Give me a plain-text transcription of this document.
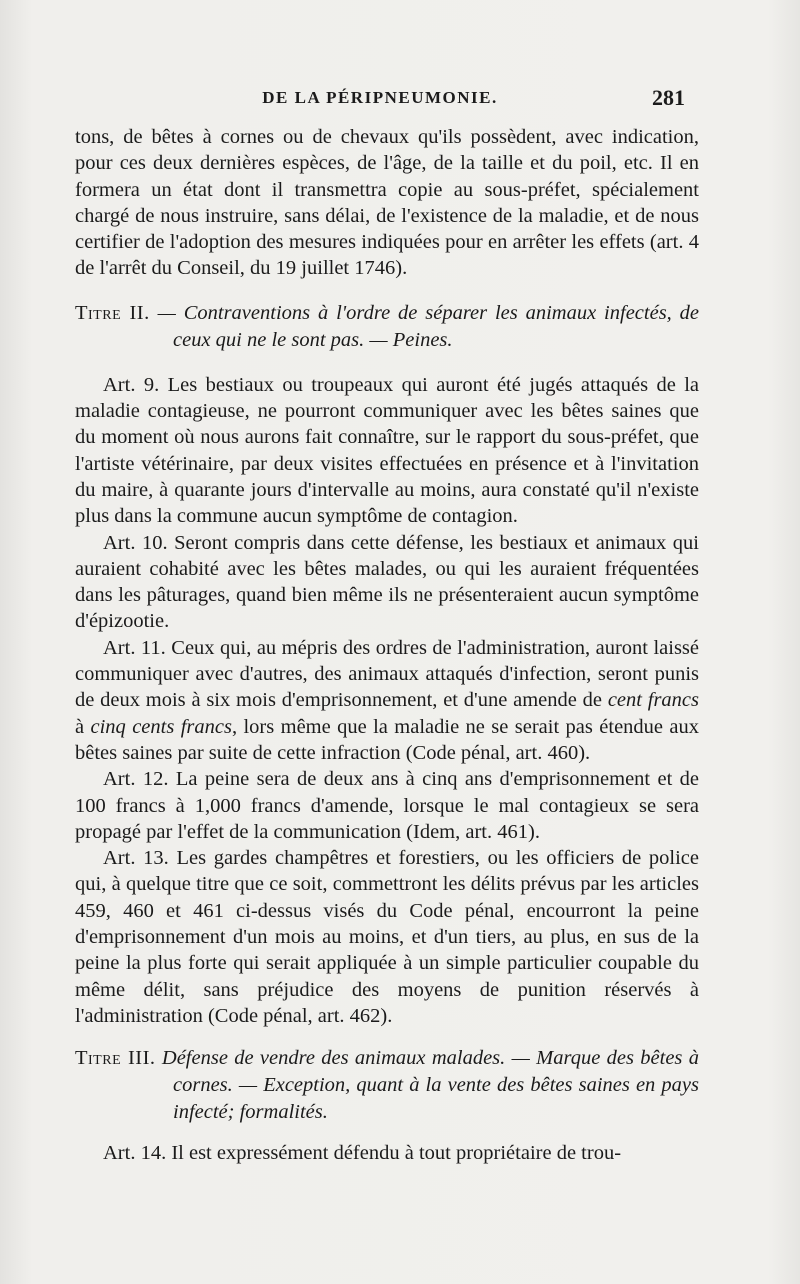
DE LA PÉRIPNEUMONIE.	281

tons, de bêtes à cornes ou de chevaux qu'ils possèdent, avec indication, pour ces deux dernières espèces, de l'âge, de la taille et du poil, etc. Il en formera un état dont il transmettra copie au sous-préfet, spécialement chargé de nous instruire, sans délai, de l'existence de la maladie, et de nous certifier de l'adoption des mesures indiquées pour en arrêter les effets (art. 4 de l'arrêt du Conseil, du 19 juillet 1746).

Titre II. — Contraventions à l'ordre de séparer les animaux infectés, de ceux qui ne le sont pas. — Peines.

Art. 9. Les bestiaux ou troupeaux qui auront été jugés attaqués de la maladie contagieuse, ne pourront communiquer avec les bêtes saines que du moment où nous aurons fait connaître, sur le rapport du sous-préfet, que l'artiste vétérinaire, par deux visites effectuées en présence et à l'invitation du maire, à quarante jours d'intervalle au moins, aura constaté qu'il n'existe plus dans la commune aucun symptôme de contagion.

Art. 10. Seront compris dans cette défense, les bestiaux et animaux qui auraient cohabité avec les bêtes malades, ou qui les auraient fréquentées dans les pâturages, quand bien même ils ne présenteraient aucun symptôme d'épizootie.

Art. 11. Ceux qui, au mépris des ordres de l'administration, auront laissé communiquer avec d'autres, des animaux attaqués d'infection, seront punis de deux mois à six mois d'emprisonnement, et d'une amende de cent francs à cinq cents francs, lors même que la maladie ne se serait pas étendue aux bêtes saines par suite de cette infraction (Code pénal, art. 460).

Art. 12. La peine sera de deux ans à cinq ans d'emprisonnement et de 100 francs à 1,000 francs d'amende, lorsque le mal contagieux se sera propagé par l'effet de la communication (Idem, art. 461).

Art. 13. Les gardes champêtres et forestiers, ou les officiers de police qui, à quelque titre que ce soit, commettront les délits prévus par les articles 459, 460 et 461 ci-dessus visés du Code pénal, encourront la peine d'emprisonnement d'un mois au moins, et d'un tiers, au plus, en sus de la peine la plus forte qui serait appliquée à un simple particulier coupable du même délit, sans préjudice des moyens de punition réservés à l'administration (Code pénal, art. 462).

Titre III. Défense de vendre des animaux malades. — Marque des bêtes à cornes. — Exception, quant à la vente des bêtes saines en pays infecté; formalités.

Art. 14. Il est expressément défendu à tout propriétaire de trou-
